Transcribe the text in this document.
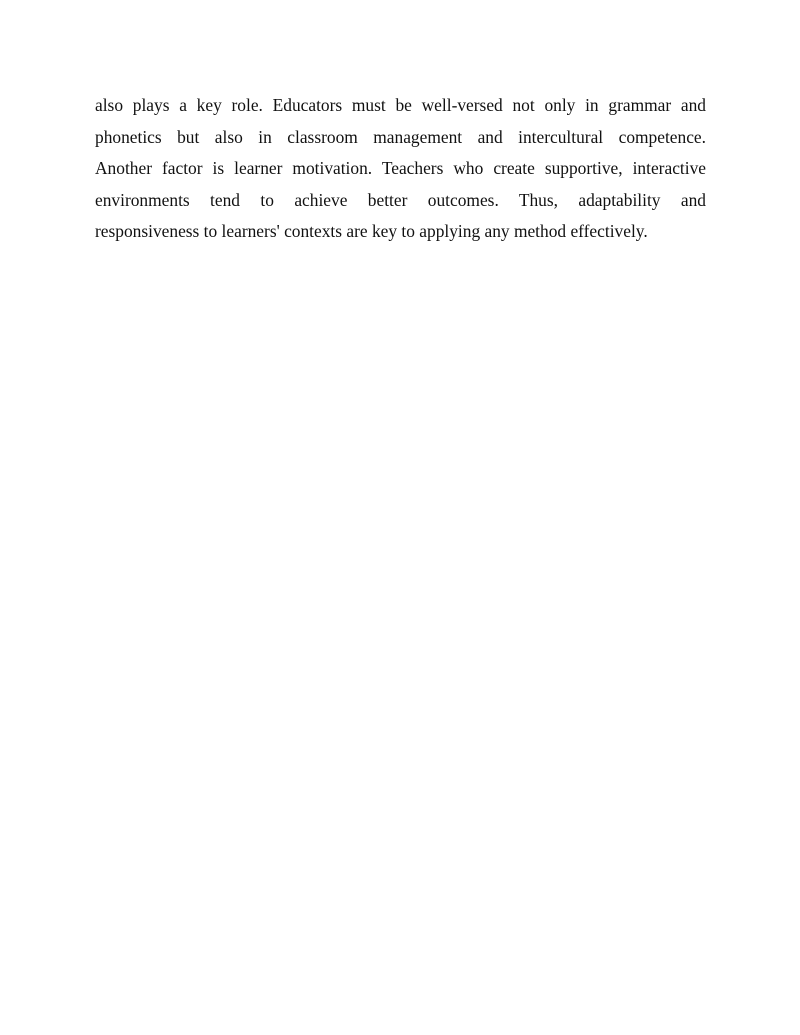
also plays a key role. Educators must be well-versed not only in grammar and
phonetics but also in classroom management and intercultural competence.
Another factor is learner motivation. Teachers who create supportive, interactive
environments tend to achieve better outcomes. Thus, adaptability and
responsiveness to learners' contexts are key to applying any method effectively.
